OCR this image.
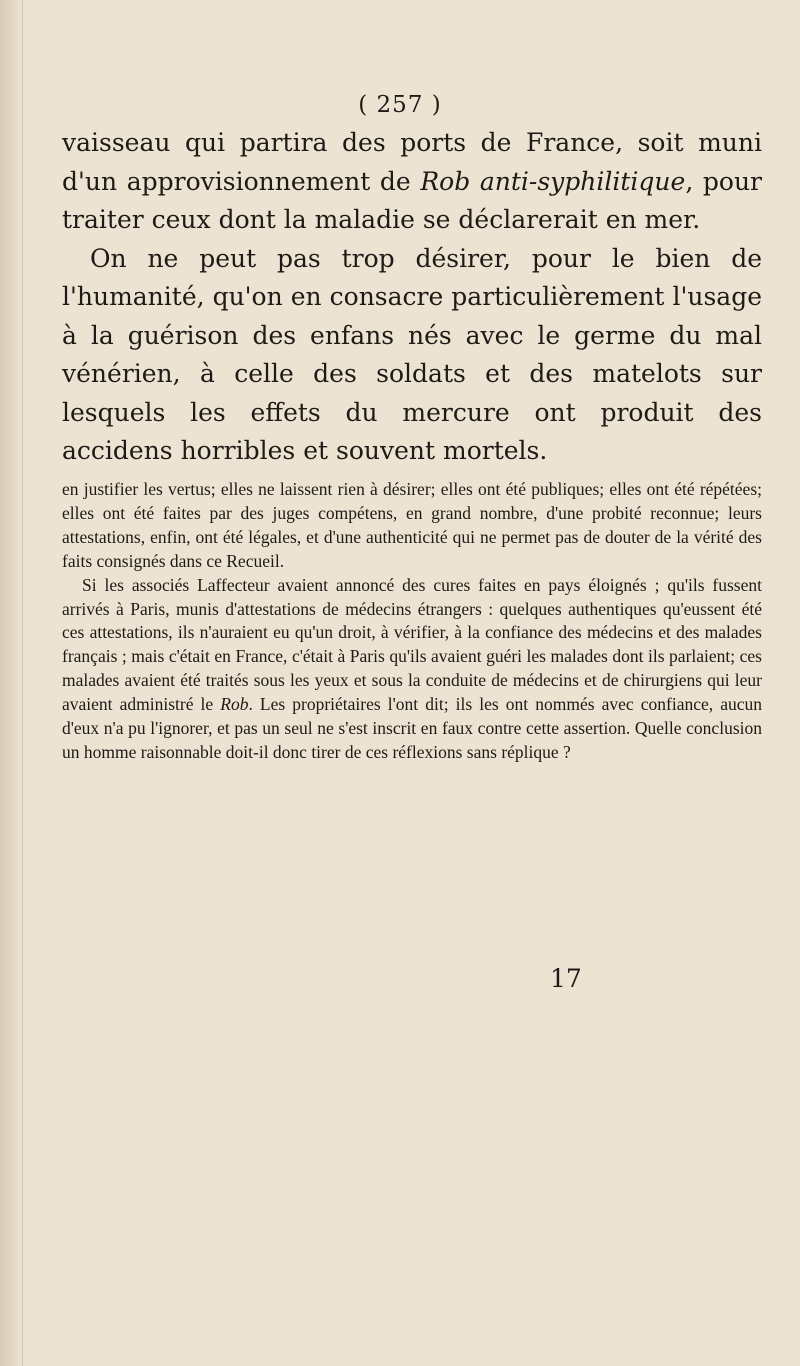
( 257 )

vaisseau qui partira des ports de France, soit muni d'un approvisionnement de Rob anti-syphilitique, pour traiter ceux dont la maladie se déclarerait en mer.

On ne peut pas trop désirer, pour le bien de l'humanité, qu'on en consacre particulièrement l'usage à la guérison des enfans nés avec le germe du mal vénérien, à celle des soldats et des matelots sur lesquels les effets du mercure ont produit des accidens horribles et souvent mortels.

en justifier les vertus; elles ne laissent rien à désirer; elles ont été publiques; elles ont été répétées; elles ont été faites par des juges compétens, en grand nombre, d'une probité reconnue; leurs attestations, enfin, ont été légales, et d'une authenticité qui ne permet pas de douter de la vérité des faits consignés dans ce Recueil.

Si les associés Laffecteur avaient annoncé des cures faites en pays éloignés ; qu'ils fussent arrivés à Paris, munis d'attestations de médecins étrangers : quelques authentiques qu'eussent été ces attestations, ils n'auraient eu qu'un droit, à vérifier, à la confiance des médecins et des malades français ; mais c'était en France, c'était à Paris qu'ils avaient guéri les malades dont ils parlaient; ces malades avaient été traités sous les yeux et sous la conduite de médecins et de chirurgiens qui leur avaient administré le Rob. Les propriétaires l'ont dit; ils les ont nommés avec confiance, aucun d'eux n'a pu l'ignorer, et pas un seul ne s'est inscrit en faux contre cette assertion. Quelle conclusion un homme raisonnable doit-il donc tirer de ces réflexions sans réplique ?

17
